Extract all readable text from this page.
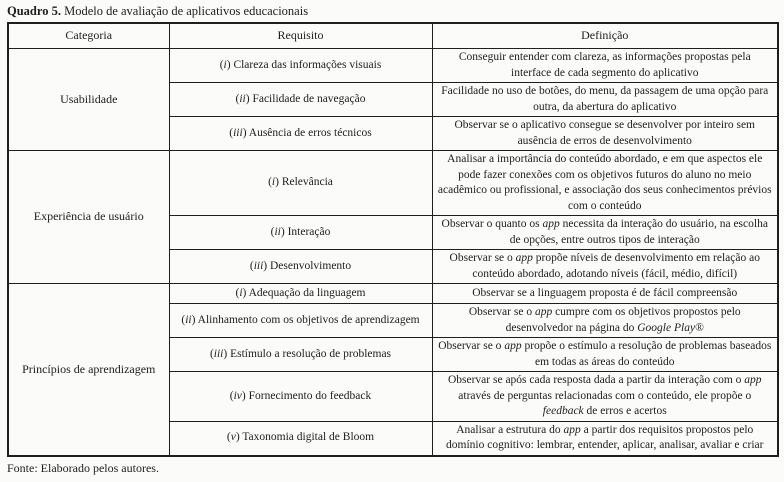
Quadro 5. Modelo de avaliação de aplicativos educacionais
Categoria	Requisito	Definição
Usabilidade	(i) Clareza das informações visuais	Conseguir entender com clareza, as informações propostas pela interface de cada segmento do aplicativo
	(ii) Facilidade de navegação	Facilidade no uso de botões, do menu, da passagem de uma opção para outra, da abertura do aplicativo
	(iii) Ausência de erros técnicos	Observar se o aplicativo consegue se desenvolver por inteiro sem ausência de erros de desenvolvimento
Experiência de usuário	(i) Relevância	Analisar a importância do conteúdo abordado, e em que aspectos ele pode fazer conexões com os objetivos futuros do aluno no meio acadêmico ou profissional, e associação dos seus conhecimentos prévios com o conteúdo
	(ii) Interação	Observar o quanto os app necessita da interação do usuário, na escolha de opções, entre outros tipos de interação
	(iii) Desenvolvimento	Observar se o app propõe níveis de desenvolvimento em relação ao conteúdo abordado, adotando níveis (fácil, médio, difícil)
Princípios de aprendizagem	(i) Adequação da linguagem	Observar se a linguagem proposta é de fácil compreensão
	(ii) Alinhamento com os objetivos de aprendizagem	Observar se o app cumpre com os objetivos propostos pelo desenvolvedor na página do Google Play®
	(iii) Estímulo a resolução de problemas	Observar se o app propõe o estímulo a resolução de problemas baseados em todas as áreas do conteúdo
	(iv) Fornecimento do feedback	Observar se após cada resposta dada a partir da interação com o app através de perguntas relacionadas com o conteúdo, ele propõe o feedback de erros e acertos
	(v) Taxonomia digital de Bloom	Analisar a estrutura do app a partir dos requisitos propostos pelo domínio cognitivo: lembrar, entender, aplicar, analisar, avaliar e criar
Fonte: Elaborado pelos autores.
